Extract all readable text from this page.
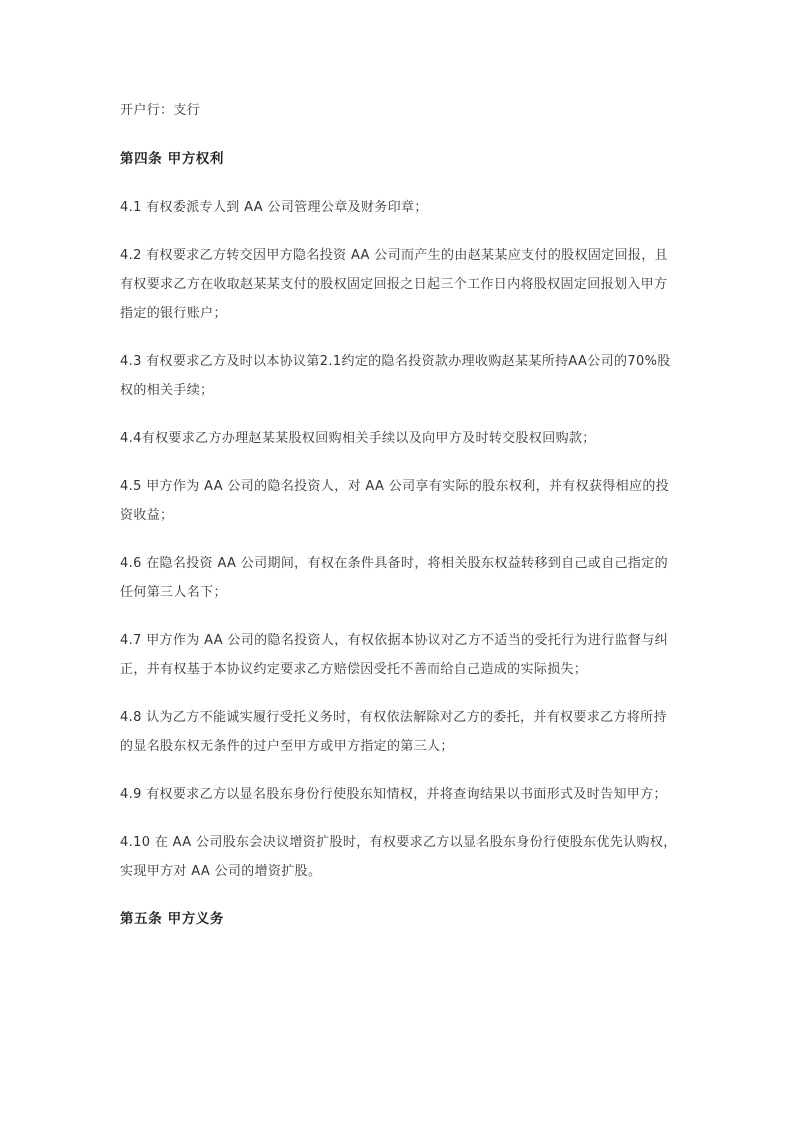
开户行：支行

第四条 甲方权利

4.1 有权委派专人到 AA 公司管理公章及财务印章；

4.2 有权要求乙方转交因甲方隐名投资 AA 公司而产生的由赵某某应支付的股权固定回报，且有权要求乙方在收取赵某某支付的股权固定回报之日起三个工作日内将股权固定回报划入甲方指定的银行账户；

4.3 有权要求乙方及时以本协议第2.1约定的隐名投资款办理收购赵某某所持AA公司的70%股权的相关手续；

4.4有权要求乙方办理赵某某股权回购相关手续以及向甲方及时转交股权回购款；

4.5 甲方作为 AA 公司的隐名投资人，对 AA 公司享有实际的股东权利，并有权获得相应的投资收益；

4.6 在隐名投资 AA 公司期间，有权在条件具备时，将相关股东权益转移到自己或自己指定的任何第三人名下；

4.7 甲方作为 AA 公司的隐名投资人，有权依据本协议对乙方不适当的受托行为进行监督与纠正，并有权基于本协议约定要求乙方赔偿因受托不善而给自己造成的实际损失；

4.8 认为乙方不能诚实履行受托义务时，有权依法解除对乙方的委托，并有权要求乙方将所持的显名股东权无条件的过户至甲方或甲方指定的第三人；

4.9 有权要求乙方以显名股东身份行使股东知情权，并将查询结果以书面形式及时告知甲方；

4.10 在 AA 公司股东会决议增资扩股时，有权要求乙方以显名股东身份行使股东优先认购权，实现甲方对 AA 公司的增资扩股。

第五条 甲方义务
